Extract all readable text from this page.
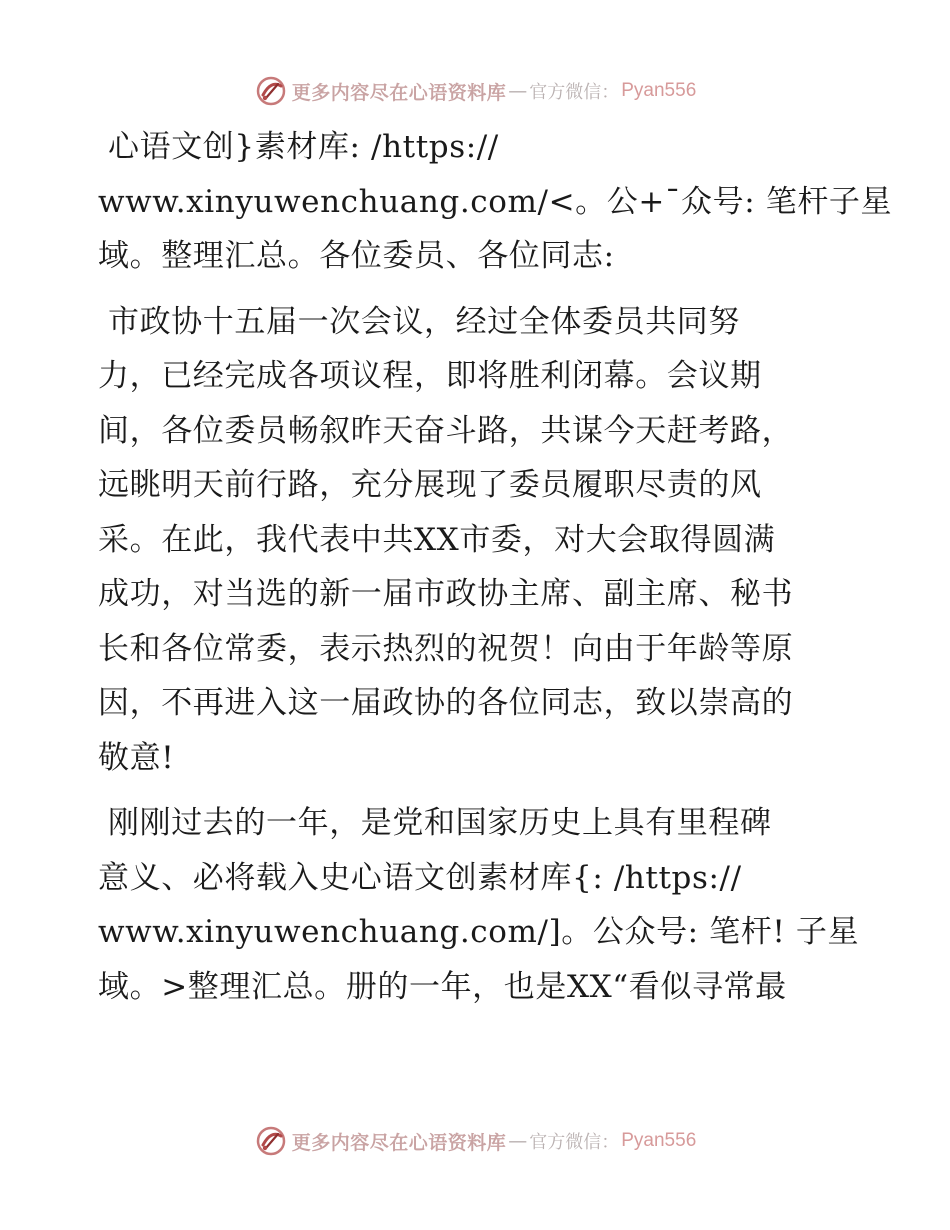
更多内容尽在心语资料库 — 官方微信： Pyan556
心语文创}素材库: /https://
www.xinyuwenchuang.com/<。公+¯众号: 笔杆子星
域。整理汇总。各位委员、各位同志:
市政协十五届一次会议，经过全体委员共同努
力，已经完成各项议程，即将胜利闭幕。会议期
间，各位委员畅叙昨天奋斗路，共谋今天赶考路，
远眺明天前行路，充分展现了委员履职尽责的风
采。在此，我代表中共XX市委，对大会取得圆满
成功，对当选的新一届市政协主席、副主席、秘书
长和各位常委，表示热烈的祝贺！向由于年龄等原
因，不再进入这一届政协的各位同志，致以崇高的
敬意!
刚刚过去的一年，是党和国家历史上具有里程碑
意义、必将载入史心语文创素材库{: /https://
www.xinyuwenchuang.com/]。公众号: 笔杆! 子星
域。>整理汇总。册的一年，也是XX“看似寻常最
更多内容尽在心语资料库 — 官方微信： Pyan556
